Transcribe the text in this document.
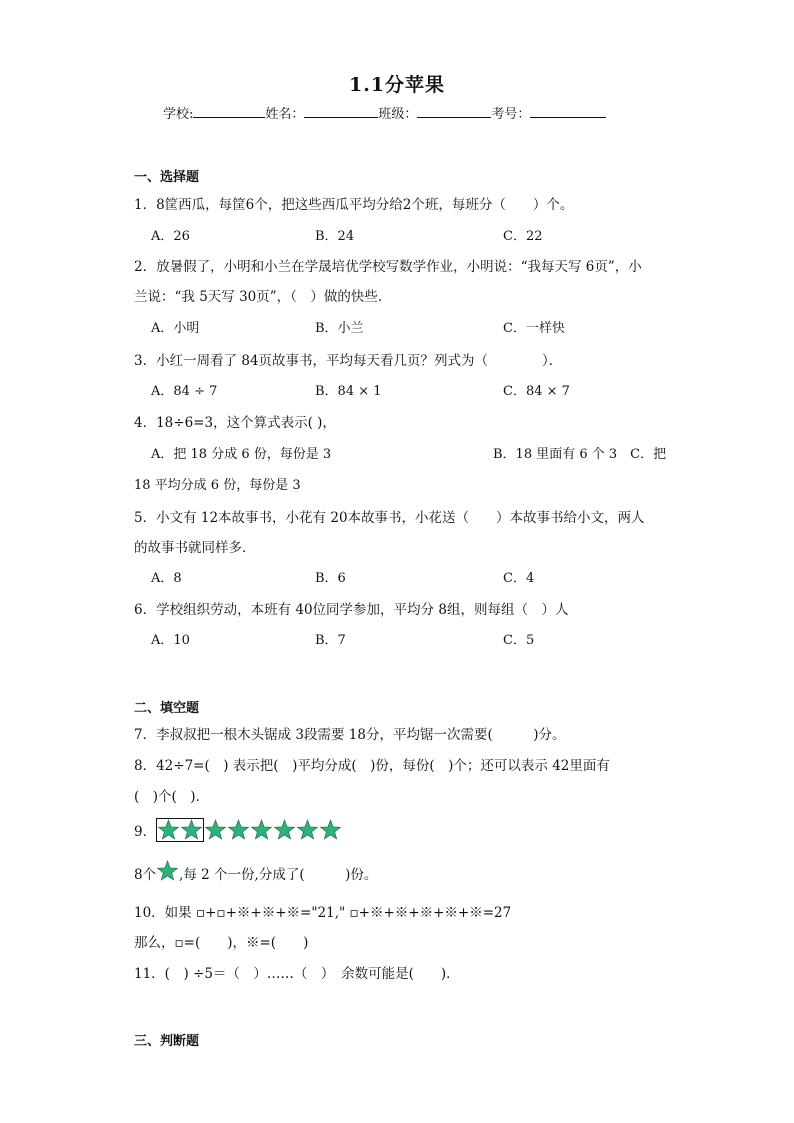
1.1分苹果
学校:	姓名：	班级：	考号：
一、选择题
1．8筐西瓜，每筐6个，把这些西瓜平均分给2个班，每班分（　　）个。
A．26	B．24	C．22
2．放暑假了，小明和小兰在学晟培优学校写数学作业，小明说：“我每天写 6页”，小
兰说：“我 5天写 30页”，（　）做的快些．
A．小明	B．小兰	C．一样快
3．小红一周看了 84页故事书，平均每天看几页？列式为（　　　　）．
A．84 ÷ 7	B．84 × 1	C．84 × 7
4．18÷6=3，这个算式表示( )，
A．把 18 分成 6 份，每份是 3	B．18 里面有 6 个 3　C．把
18 平均分成 6 份，每份是 3
5．小文有 12本故事书，小花有 20本故事书，小花送（　　）本故事书给小文，两人
的故事书就同样多．
A．8	B．6	C．4
6．学校组织劳动，本班有 40位同学参加，平均分 8组，则每组（　）人
A．10	B．7	C．5
二、填空题
7．李叔叔把一根木头锯成 3段需要 18分，平均锯一次需要(　　　)分。
8．42÷7=(　) 表示把(　)平均分成(　)份，每份(　)个；还可以表示 42里面有
(　)个(　)．
9．
8个 ,每 2 个一份,分成了(　　　)份。
10．如果 ▫+▫+※+※+※="21," ▫+※+※+※+※+※=27
那么，▫=(　　)，※=(　　)
11．(　) ÷5＝（　）……（　）　余数可能是(　　)．
三、判断题
